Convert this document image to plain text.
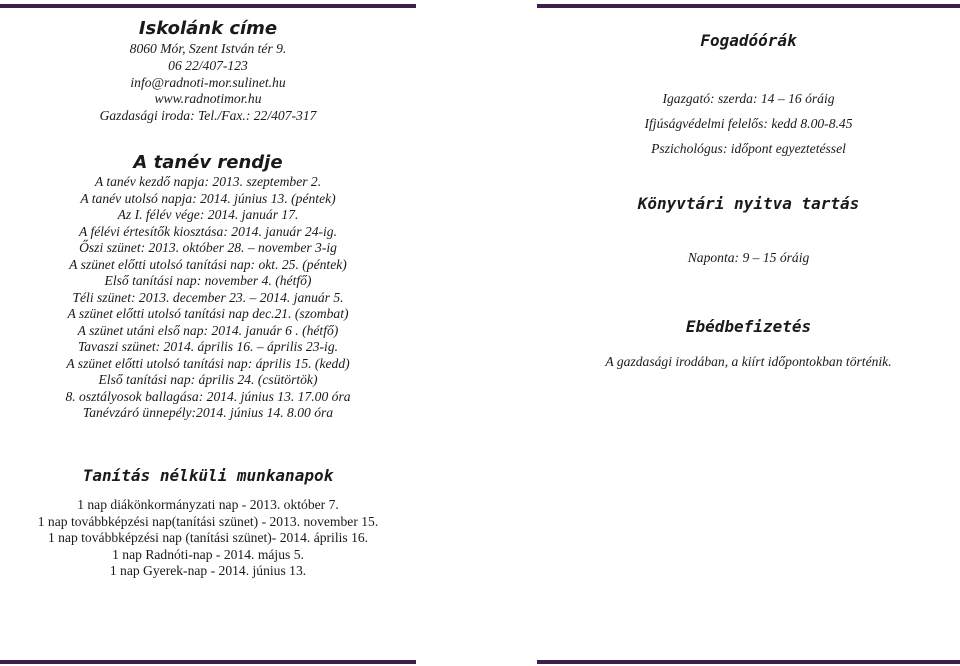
Iskolánk címe
8060 Mór, Szent István tér 9.
06 22/407-123
info@radnoti-mor.sulinet.hu
www.radnotimor.hu
Gazdasági iroda: Tel./Fax.: 22/407-317
A tanév rendje
A tanév kezdő napja: 2013. szeptember 2.
A tanév utolsó napja: 2014. június 13. (péntek)
Az I. félév vége: 2014. január 17.
A félévi értesítők kiosztása: 2014. január 24-ig.
Őszi szünet: 2013. október 28. – november 3-ig
A szünet előtti utolsó tanítási nap: okt. 25. (péntek)
Első tanítási nap: november 4. (hétfő)
Téli szünet: 2013. december 23. – 2014. január 5.
A szünet előtti utolsó tanítási nap dec.21. (szombat)
A szünet utáni első nap: 2014. január 6 . (hétfő)
Tavaszi szünet: 2014. április 16. – április 23-ig.
A szünet előtti utolsó tanítási nap: április 15. (kedd)
Első tanítási nap: április 24. (csütörtök)
8. osztályosok ballagása: 2014. június 13. 17.00 óra
Tanévzáró ünnepély:2014. június 14. 8.00 óra
Tanítás nélküli munkanapok
1 nap diákönkormányzati nap - 2013. október 7.
1 nap továbbképzési nap(tanítási szünet) - 2013. november 15.
1 nap továbbképzési nap (tanítási szünet)- 2014. április 16.
1 nap Radnóti-nap - 2014. május 5.
1 nap Gyerek-nap - 2014. június 13.
Fogadóórák
Igazgató: szerda: 14 – 16 óráig
Ifjúságvédelmi felelős: kedd 8.00-8.45
Pszichológus: időpont egyeztetéssel
Könyvtári nyitva tartás
Naponta: 9 – 15 óráig
Ebédbefizetés
A gazdasági irodában, a kiírt időpontokban történik.
